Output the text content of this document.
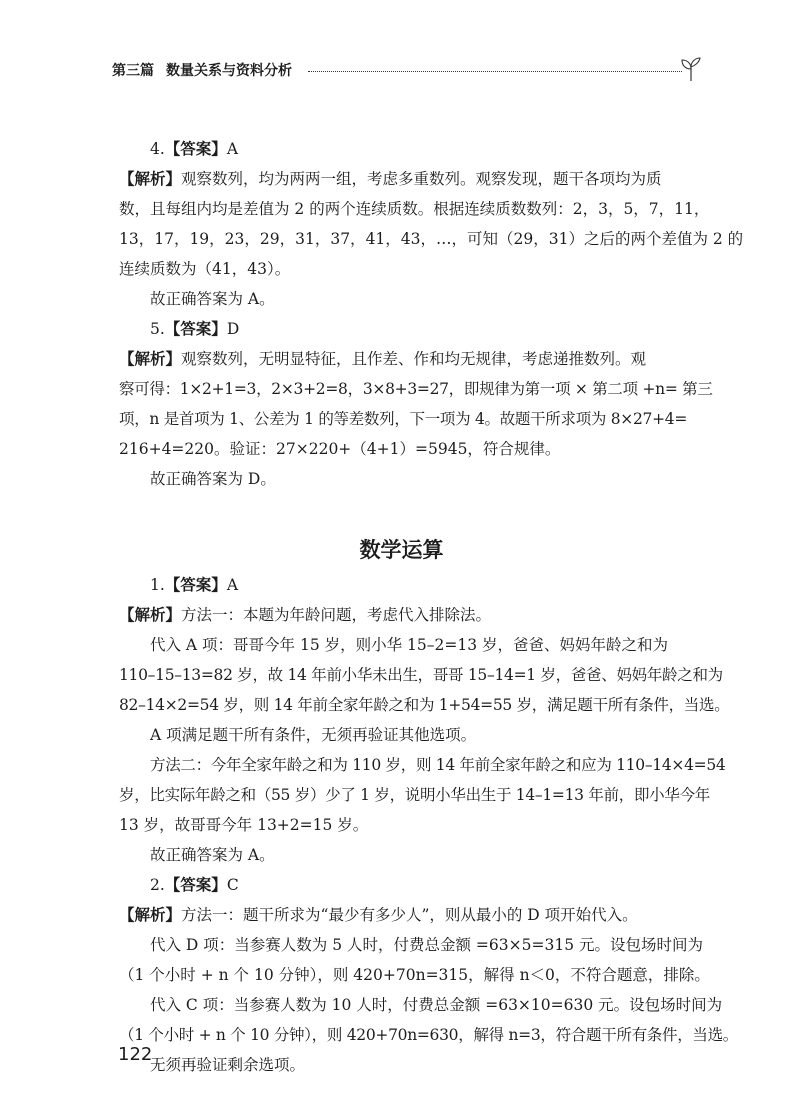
第三篇 数量关系与资料分析

4.【答案】A

【解析】观察数列，均为两两一组，考虑多重数列。观察发现，题干各项均为质

数，且每组内均是差值为 2 的两个连续质数。根据连续质数数列：2，3，5，7，11，

13，17，19，23，29，31，37，41，43，…，可知（29，31）之后的两个差值为 2 的

连续质数为（41，43）。

故正确答案为 A。

5.【答案】D

【解析】观察数列，无明显特征，且作差、作和均无规律，考虑递推数列。观

察可得：1×2+1=3，2×3+2=8，3×8+3=27，即规律为第一项 × 第二项 +n= 第三

项，n 是首项为 1、公差为 1 的等差数列，下一项为 4。故题干所求项为 8×27+4=

216+4=220。验证：27×220+（4+1）=5945，符合规律。

故正确答案为 D。

数学运算

1.【答案】A

【解析】方法一：本题为年龄问题，考虑代入排除法。

代入 A 项：哥哥今年 15 岁，则小华 15–2=13 岁，爸爸、妈妈年龄之和为

110–15–13=82 岁，故 14 年前小华未出生，哥哥 15–14=1 岁，爸爸、妈妈年龄之和为

82–14×2=54 岁，则 14 年前全家年龄之和为 1+54=55 岁，满足题干所有条件，当选。

A 项满足题干所有条件，无须再验证其他选项。

方法二：今年全家年龄之和为 110 岁，则 14 年前全家年龄之和应为 110–14×4=54

岁，比实际年龄之和（55 岁）少了 1 岁，说明小华出生于 14–1=13 年前，即小华今年

13 岁，故哥哥今年 13+2=15 岁。

故正确答案为 A。

2.【答案】C

【解析】方法一：题干所求为“最少有多少人”，则从最小的 D 项开始代入。

代入 D 项：当参赛人数为 5 人时，付费总金额 =63×5=315 元。设包场时间为

（1 个小时 + n 个 10 分钟），则 420+70n=315，解得 n＜0，不符合题意，排除。

代入 C 项：当参赛人数为 10 人时，付费总金额 =63×10=630 元。设包场时间为

（1 个小时 + n 个 10 分钟），则 420+70n=630，解得 n=3，符合题干所有条件，当选。

无须再验证剩余选项。

122
